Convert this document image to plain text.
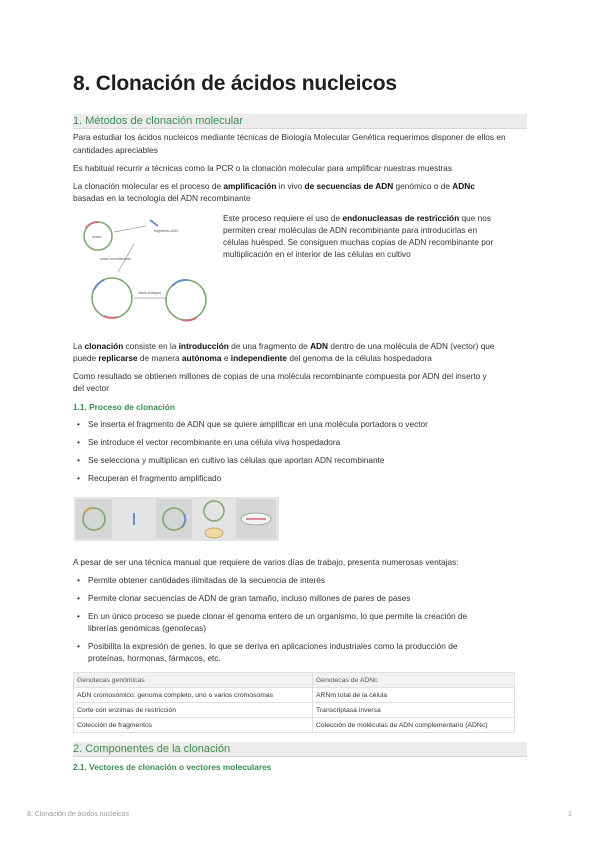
8. Clonación de ácidos nucleicos
1. Métodos de clonación molecular
Para estudiar los ácidos nucleicos mediante técnicas de Biología Molecular Genética requerimos disponer de ellos en cantidades apreciables
Es habitual recurrir a técnicas como la PCR o la clonación molecular para amplificar nuestras muestras
La clonación molecular es el proceso de amplificación in vivo de secuencias de ADN genómico o de ADNc
basadas en la tecnología del ADN recombinante
vector
fragmento ADN
vector recombinante
célula huésped
Este proceso requiere el uso de endonucleasas de restricción que nos
permiten crear moléculas de ADN recombinante para introducirlas en
células huésped. Se consiguen muchas copias de ADN recombinante por
multiplicación en el interior de las células en cultivo
La clonación consiste en la introducción de una fragmento de ADN dentro de una molécula de ADN (vector) que
puede replicarse de manera autónoma e independiente del genoma de la células hospedadora
Como resultado se obtienen millones de copias de una molécula recombinante compuesta por ADN del inserto y
del vector
1.1. Proceso de clonación
• Se inserta el fragmento de ADN que se quiere amplificar en una molécula portadora o vector
• Se introduce el vector recombinante en una célula viva hospedadora
• Se selecciona y multiplican en cultivo las células que aportan ADN recombinante
• Recuperan el fragmento amplificado
A pesar de ser una técnica manual que requiere de varios días de trabajo, presenta numerosas ventajas:
• Permite obtener cantidades ilimitadas de la secuencia de interés
• Permite clonar secuencias de ADN de gran tamaño, incluso millones de pares de pases
• En un único proceso se puede clonar el genoma entero de un organismo, lo que permite la creación de
librerías genómicas (genotecas)
• Posibilita la expresión de genes, lo que se deriva en aplicaciones industriales como la producción de
proteínas, hormonas, fármacos, etc.
Genotecas genómicas	Genotecas de ADNc
ADN cromosómico: genoma completo, uno o varios cromosomas	ARNm total de la célula
Corte con enzimas de restricción	Transcriptasa inversa
Colección de fragmentos	Colección de moléculas de ADN complementario (ADNc)
2. Componentes de la clonación
2.1. Vectores de clonación o vectores moleculares
8. Clonación de ácidos nucleicos	1
